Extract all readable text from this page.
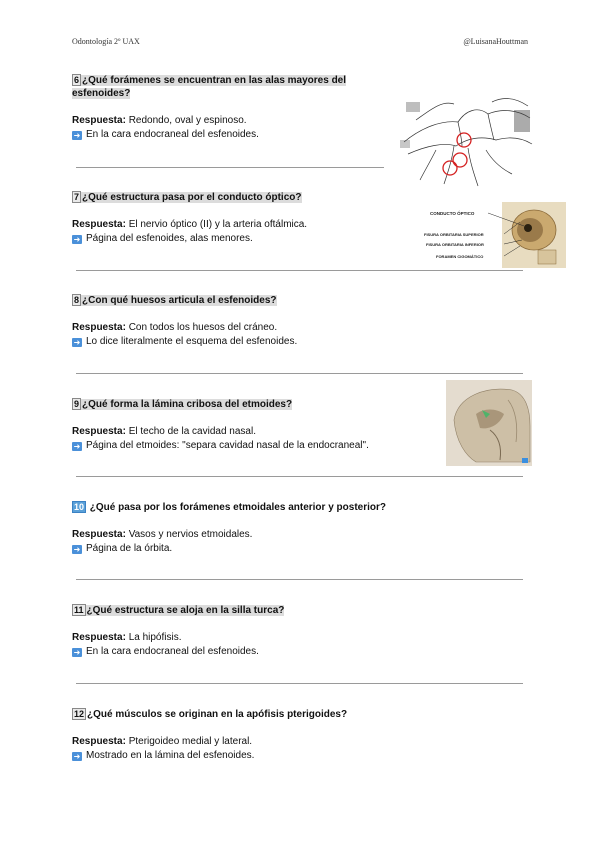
Odontología 2º UAX	@LuisanaHouttman

6 ¿Qué forámenes se encuentran en las alas mayores del esfenoides?

Respuesta: Redondo, oval y espinoso.
➜ En la cara endocraneal del esfenoides.

7 ¿Qué estructura pasa por el conducto óptico?

Respuesta: El nervio óptico (II) y la arteria oftálmica.
➜ Página del esfenoides, alas menores.

8 ¿Con qué huesos articula el esfenoides?

Respuesta: Con todos los huesos del cráneo.
➜ Lo dice literalmente el esquema del esfenoides.

9 ¿Qué forma la lámina cribosa del etmoides?

Respuesta: El techo de la cavidad nasal.
➜ Página del etmoides: "separa cavidad nasal de la endocraneal".

10 ¿Qué pasa por los forámenes etmoidales anterior y posterior?

Respuesta: Vasos y nervios etmoidales.
➜ Página de la órbita.

11 ¿Qué estructura se aloja en la silla turca?

Respuesta: La hipófisis.
➜ En la cara endocraneal del esfenoides.

12 ¿Qué músculos se originan en la apófisis pterigoides?

Respuesta: Pterigoideo medial y lateral.
➜ Mostrado en la lámina del esfenoides.
CONDUCTO ÓPTICO
FISURA ORBITARIA SUPERIOR
FISURA ORBITARIA INFERIOR
FORAMEN CIGOMÁTICO
